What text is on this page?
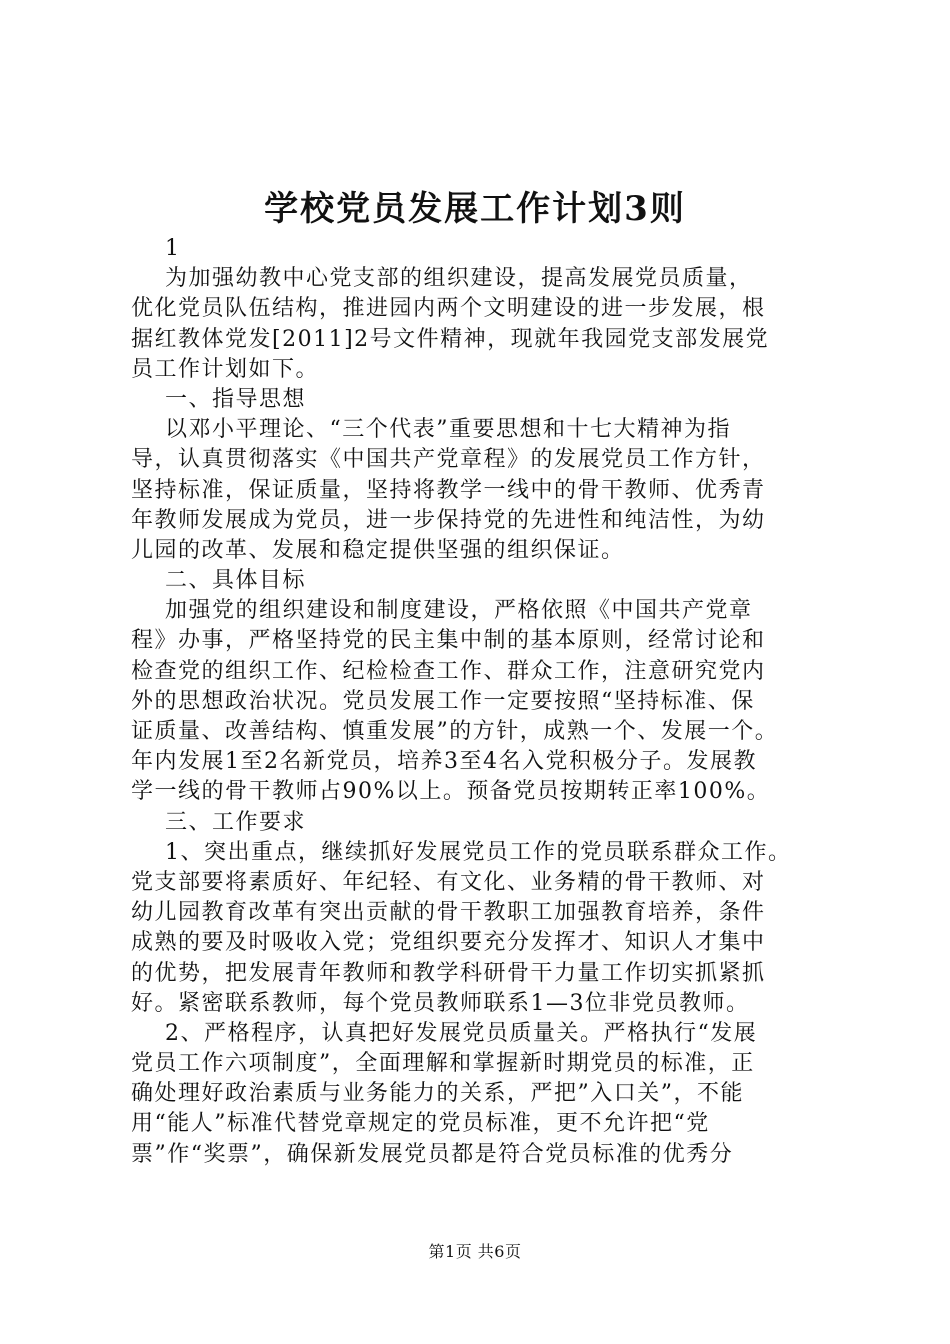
学校党员发展工作计划3则
1
为加强幼教中心党支部的组织建设，提高发展党员质量，
优化党员队伍结构，推进园内两个文明建设的进一步发展，根
据红教体党发[2011]2号文件精神，现就年我园党支部发展党
员工作计划如下。
一、指导思想
以邓小平理论、“三个代表”重要思想和十七大精神为指
导，认真贯彻落实《中国共产党章程》的发展党员工作方针，
坚持标准，保证质量，坚持将教学一线中的骨干教师、优秀青
年教师发展成为党员，进一步保持党的先进性和纯洁性，为幼
儿园的改革、发展和稳定提供坚强的组织保证。
二、具体目标
加强党的组织建设和制度建设，严格依照《中国共产党章
程》办事，严格坚持党的民主集中制的基本原则，经常讨论和
检查党的组织工作、纪检检查工作、群众工作，注意研究党内
外的思想政治状况。党员发展工作一定要按照“坚持标准、保
证质量、改善结构、慎重发展”的方针，成熟一个、发展一个。
年内发展1至2名新党员，培养3至4名入党积极分子。发展教
学一线的骨干教师占90%以上。预备党员按期转正率100%。
三、工作要求
1、突出重点，继续抓好发展党员工作的党员联系群众工作。
党支部要将素质好、年纪轻、有文化、业务精的骨干教师、对
幼儿园教育改革有突出贡献的骨干教职工加强教育培养，条件
成熟的要及时吸收入党；党组织要充分发挥才、知识人才集中
的优势，把发展青年教师和教学科研骨干力量工作切实抓紧抓
好。紧密联系教师，每个党员教师联系1—3位非党员教师。
2、严格程序，认真把好发展党员质量关。严格执行“发展
党员工作六项制度”，全面理解和掌握新时期党员的标准，正
确处理好政治素质与业务能力的关系，严把”入口关”，不能
用“能人”标准代替党章规定的党员标准，更不允许把“党
票”作“奖票”，确保新发展党员都是符合党员标准的优秀分
第1页 共6页
